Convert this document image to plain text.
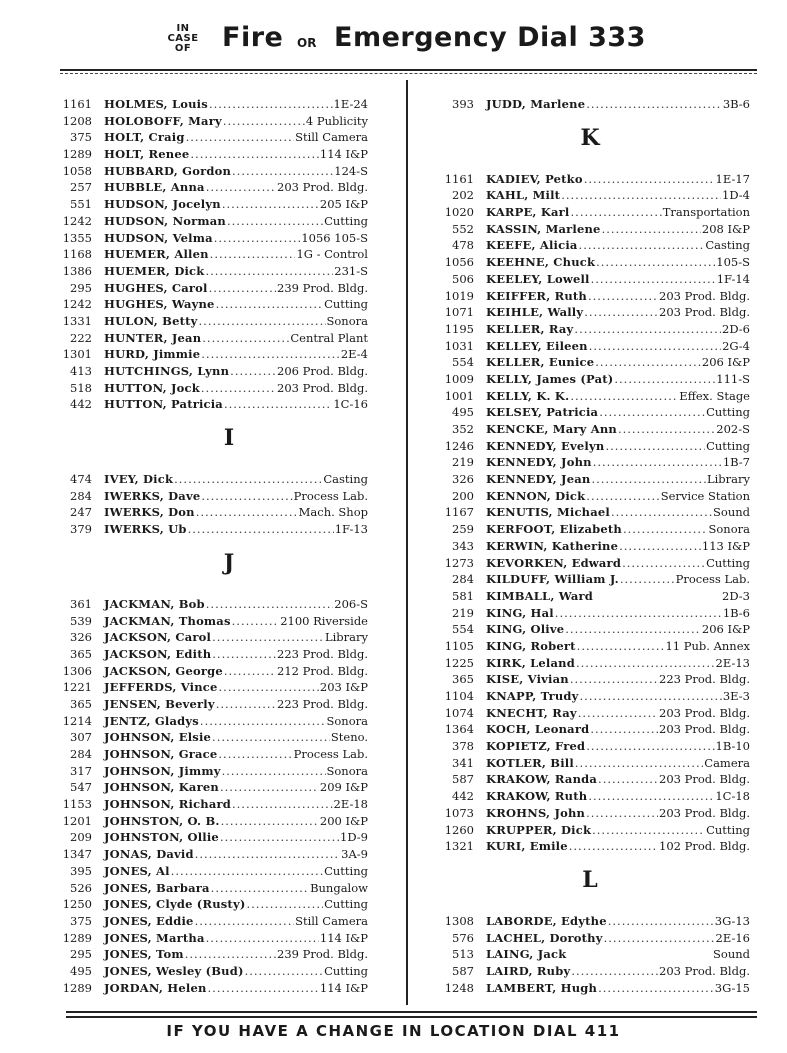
IN
CASE
OF	Fire OR Emergency Dial 333
1161 HOLMES, Louis .....	1E-24
1208 HOLOBOFF, Mary .....	4 Publicity
375 HOLT, Craig .....	Still Camera
1289 HOLT, Renee .....	114 I&P
1058 HUBBARD, Gordon .....	124-S
257 HUBBLE, Anna .....	203 Prod. Bldg.
551 HUDSON, Jocelyn .....	205 I&P
1242 HUDSON, Norman .....	Cutting
1355 HUDSON, Velma .....	1056 105-S
1168 HUEMER, Allen .....	1G - Control
1386 HUEMER, Dick .....	231-S
295 HUGHES, Carol .....	239 Prod. Bldg.
1242 HUGHES, Wayne .....	Cutting
1331 HULON, Betty .....	Sonora
222 HUNTER, Jean .....	Central Plant
1301 HURD, Jimmie .....	2E-4
413 HUTCHINGS, Lynn .....	206 Prod. Bldg.
518 HUTTON, Jock .....	203 Prod. Bldg.
442 HUTTON, Patricia .....	1C-16
I
474 IVEY, Dick .....	Casting
284 IWERKS, Dave .....	Process Lab.
247 IWERKS, Don .....	Mach. Shop
379 IWERKS, Ub .....	1F-13
J
361 JACKMAN, Bob .....	206-S
539 JACKMAN, Thomas .....	2100 Riverside
326 JACKSON, Carol .....	Library
365 JACKSON, Edith .....	223 Prod. Bldg.
1306 JACKSON, George .....	212 Prod. Bldg.
1221 JEFFERDS, Vince .....	203 I&P
365 JENSEN, Beverly .....	223 Prod. Bldg.
1214 JENTZ, Gladys .....	Sonora
307 JOHNSON, Elsie .....	Steno.
284 JOHNSON, Grace .....	Process Lab.
317 JOHNSON, Jimmy .....	Sonora
547 JOHNSON, Karen .....	209 I&P
1153 JOHNSON, Richard .....	2E-18
1201 JOHNSTON, O. B. .....	200 I&P
209 JOHNSTON, Ollie .....	1D-9
1347 JONAS, David .....	3A-9
395 JONES, Al .....	Cutting
526 JONES, Barbara .....	Bungalow
1250 JONES, Clyde (Rusty) .....	Cutting
375 JONES, Eddie .....	Still Camera
1289 JONES, Martha .....	114 I&P
295 JONES, Tom .....	239 Prod. Bldg.
495 JONES, Wesley (Bud) .....	Cutting
1289 JORDAN, Helen .....	114 I&P
393 JUDD, Marlene .....	3B-6
K
1161 KADIEV, Petko .....	1E-17
202 KAHL, Milt .....	1D-4
1020 KARPE, Karl .....	Transportation
552 KASSIN, Marlene .....	208 I&P
478 KEEFE, Alicia .....	Casting
1056 KEEHNE, Chuck .....	105-S
506 KEELEY, Lowell .....	1F-14
1019 KEIFFER, Ruth .....	203 Prod. Bldg.
1071 KEIHLE, Wally .....	203 Prod. Bldg.
1195 KELLER, Ray .....	2D-6
1031 KELLEY, Eileen .....	2G-4
554 KELLER, Eunice .....	206 I&P
1009 KELLY, James (Pat) .....	111-S
1001 KELLY, K. K. .....	Effex. Stage
495 KELSEY, Patricia .....	Cutting
352 KENCKE, Mary Ann .....	202-S
1246 KENNEDY, Evelyn .....	Cutting
219 KENNEDY, John .....	1B-7
326 KENNEDY, Jean .....	Library
200 KENNON, Dick .....	Service Station
1167 KENUTIS, Michael .....	Sound
259 KERFOOT, Elizabeth .....	Sonora
343 KERWIN, Katherine .....	113 I&P
1273 KEVORKEN, Edward .....	Cutting
284 KILDUFF, William J. .....	Process Lab.
581 KIMBALL, Ward	2D-3
219 KING, Hal .....	1B-6
554 KING, Olive .....	206 I&P
1105 KING, Robert .....	11 Pub. Annex
1225 KIRK, Leland .....	2E-13
365 KISE, Vivian .....	223 Prod. Bldg.
1104 KNAPP, Trudy .....	3E-3
1074 KNECHT, Ray .....	203 Prod. Bldg.
1364 KOCH, Leonard .....	203 Prod. Bldg.
378 KOPIETZ, Fred .....	1B-10
341 KOTLER, Bill .....	Camera
587 KRAKOW, Randa .....	203 Prod. Bldg.
442 KRAKOW, Ruth .....	1C-18
1073 KROHNS, John .....	203 Prod. Bldg.
1260 KRUPPER, Dick .....	Cutting
1321 KURI, Emile .....	102 Prod. Bldg.
L
1308 LABORDE, Edythe .....	3G-13
576 LACHEL, Dorothy .....	2E-16
513 LAING, Jack	Sound
587 LAIRD, Ruby .....	203 Prod. Bldg.
1248 LAMBERT, Hugh .....	3G-15
IF YOU HAVE A CHANGE IN LOCATION DIAL 411
